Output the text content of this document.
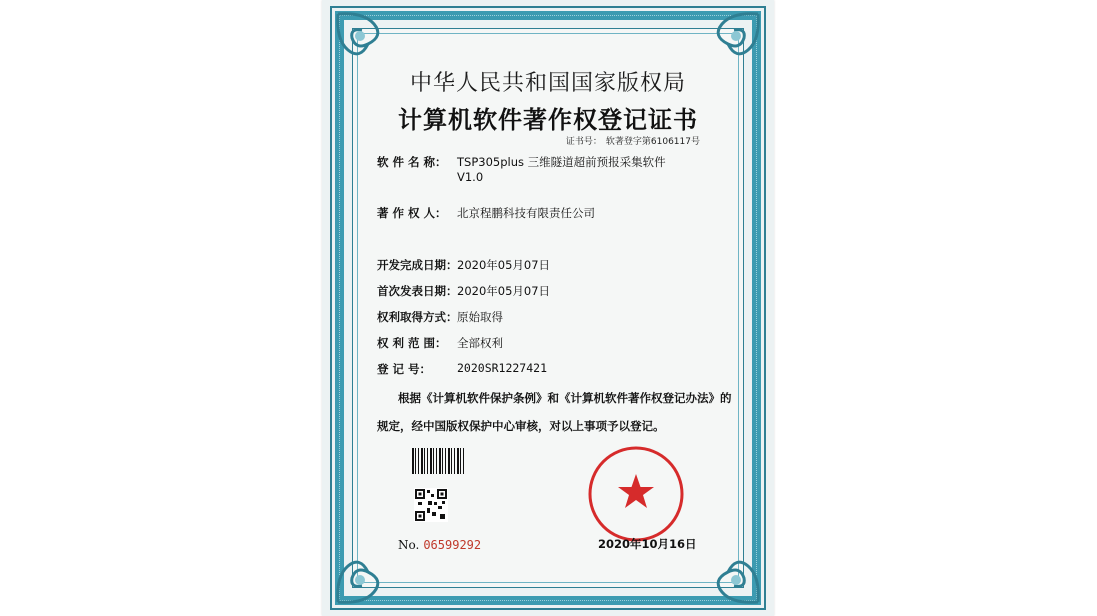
中华人民共和国国家版权局
计算机软件著作权登记证书
证书号： 软著登字第6106117号
软 件 名 称： TSP305plus 三维隧道超前预报采集软件
V1.0
著 作 权 人： 北京程鹏科技有限责任公司
开发完成日期：2020年05月07日
首次发表日期：2020年05月07日
权利取得方式：原始取得
权 利 范 围： 全部权利
登 记 号： 2020SR1227421
根据《计算机软件保护条例》和《计算机软件著作权登记办法》的
规定，经中国版权保护中心审核，对以上事项予以登记。
No. 06599292	2020年10月16日
